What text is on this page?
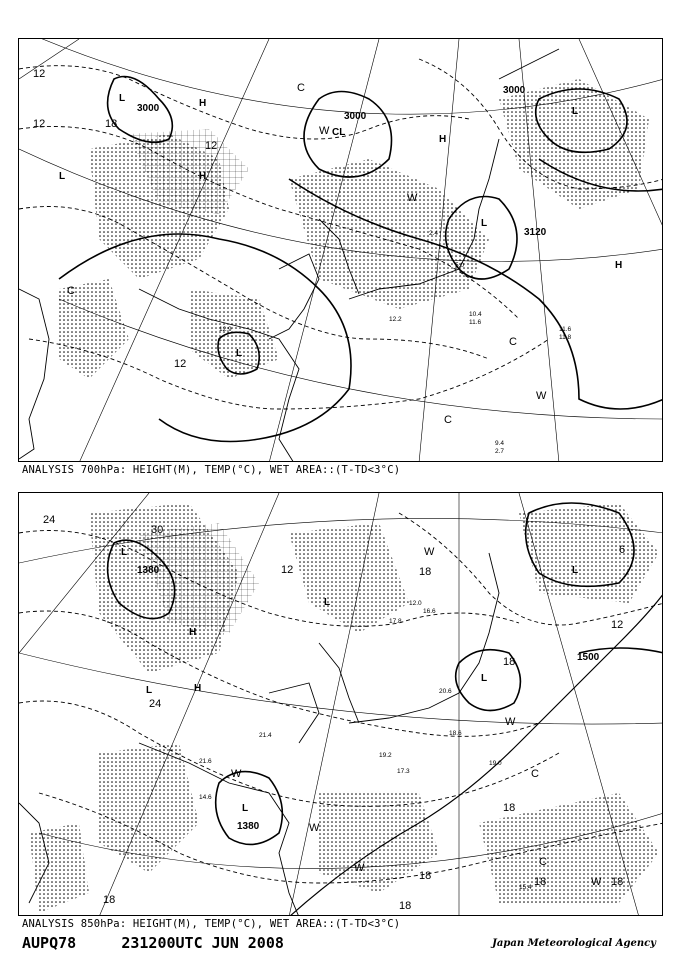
L
L
H
H
H
L
L
H
L
3000
3000
3000
3120
12
12	18
12
12
C
C
C
C
W
W
W CL
10.4
11.6
11.6
11.8
9.4
2.7
12.2
12.9
2.4
5.0
ANALYSIS 700hPa: HEIGHT(M), TEMP(°C), WET AREA::(T-TD<3°C)
L
L
L
L
L
H
H
L
1380
1380
1500
24
30
12
24
18
12
18
18	18	18
18	18
18
6
C
C
W
W
W
W
W
W
12.0
16.6
17.8
20.6
21.4
14.6
19.2
17.3
18.6
15.4
19.0
21.6
ANALYSIS 850hPa: HEIGHT(M), TEMP(°C), WET AREA::(T-TD<3°C)
AUPQ78	231200UTC JUN 2008	Japan Meteorological Agency
